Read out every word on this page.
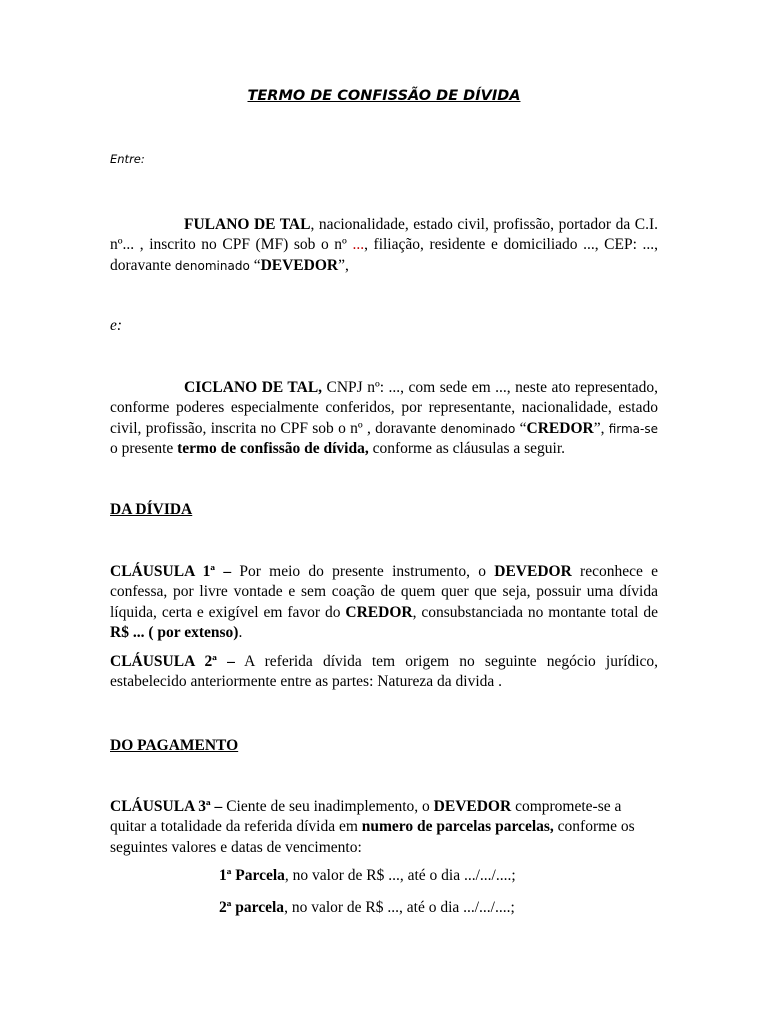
TERMO DE CONFISSÃO DE DÍVIDA

Entre:

FULANO DE TAL, nacionalidade, estado civil, profissão, portador da C.I. nº... , inscrito no CPF (MF) sob o nº ..., filiação, residente e domiciliado ..., CEP: ..., doravante denominado “DEVEDOR”,

e:

CICLANO DE TAL, CNPJ nº: ..., com sede em ..., neste ato representado, conforme poderes especialmente conferidos, por representante, nacionalidade, estado civil, profissão, inscrita no CPF sob o nº , doravante denominado “CREDOR”, firma-se o presente termo de confissão de dívida, conforme as cláusulas a seguir.

DA DÍVIDA

CLÁUSULA 1ª – Por meio do presente instrumento, o DEVEDOR reconhece e confessa, por livre vontade e sem coação de quem quer que seja, possuir uma dívida líquida, certa e exigível em favor do CREDOR, consubstanciada no montante total de R$ ... ( por extenso).

CLÁUSULA 2ª – A referida dívida tem origem no seguinte negócio jurídico, estabelecido anteriormente entre as partes: Natureza da divida .

DO PAGAMENTO

CLÁUSULA 3ª – Ciente de seu inadimplemento, o DEVEDOR compromete-se a quitar a totalidade da referida dívida em numero de parcelas parcelas, conforme os seguintes valores e datas de vencimento:

1ª Parcela, no valor de R$ ..., até o dia .../.../....;

2ª parcela, no valor de R$ ..., até o dia .../.../....;
